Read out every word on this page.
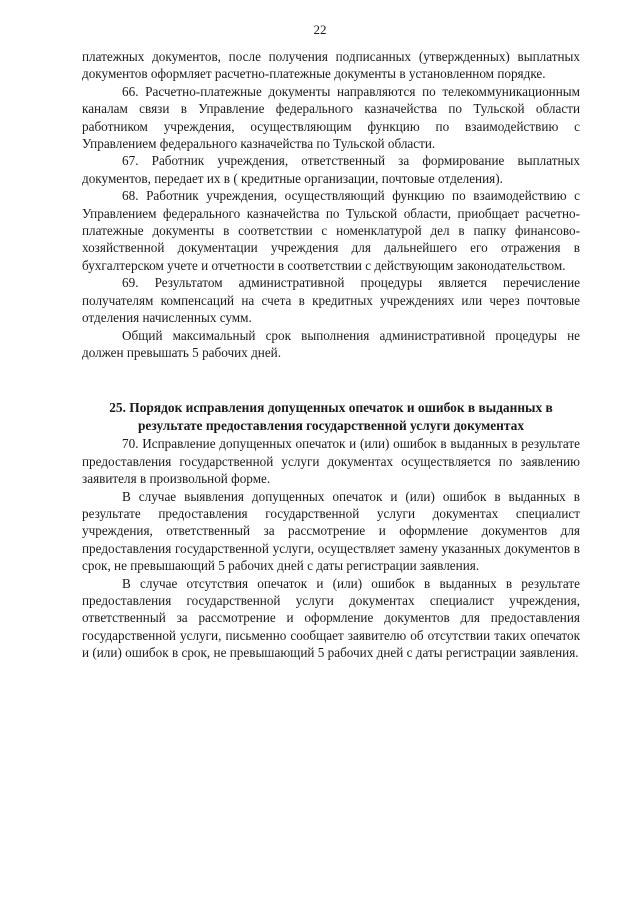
22

платежных документов, после получения подписанных (утвержденных) выплатных документов оформляет расчетно-платежные документы в установленном порядке.

66. Расчетно-платежные документы направляются по телекоммуникационным каналам связи в Управление федерального казначейства по Тульской области работником учреждения, осуществляющим функцию по взаимодействию с Управлением федерального казначейства по Тульской области.

67. Работник учреждения, ответственный за формирование выплатных документов, передает их в ( кредитные организации, почтовые отделения).

68. Работник учреждения, осуществляющий функцию по взаимодействию с Управлением федерального казначейства по Тульской области, приобщает расчетно-платежные документы в соответствии с номенклатурой дел в папку финансово-хозяйственной документации учреждения для дальнейшего его отражения в бухгалтерском учете и отчетности в соответствии с действующим законодательством.

69. Результатом административной процедуры является перечисление получателям компенсаций на счета в кредитных учреждениях или через почтовые отделения начисленных сумм.

Общий максимальный срок выполнения административной процедуры не должен превышать 5 рабочих дней.

25. Порядок исправления допущенных опечаток и ошибок в выданных в результате предоставления государственной услуги документах

70. Исправление допущенных опечаток и (или) ошибок в выданных в результате предоставления государственной услуги документах осуществляется по заявлению заявителя в произвольной форме.

В случае выявления допущенных опечаток и (или) ошибок в выданных в результате предоставления государственной услуги документах специалист учреждения, ответственный за рассмотрение и оформление документов для предоставления государственной услуги, осуществляет замену указанных документов в срок, не превышающий 5 рабочих дней с даты регистрации заявления.

В случае отсутствия опечаток и (или) ошибок в выданных в результате предоставления государственной услуги документах специалист учреждения, ответственный за рассмотрение и оформление документов для предоставления государственной услуги, письменно сообщает заявителю об отсутствии таких опечаток и (или) ошибок в срок, не превышающий 5 рабочих дней с даты регистрации заявления.
